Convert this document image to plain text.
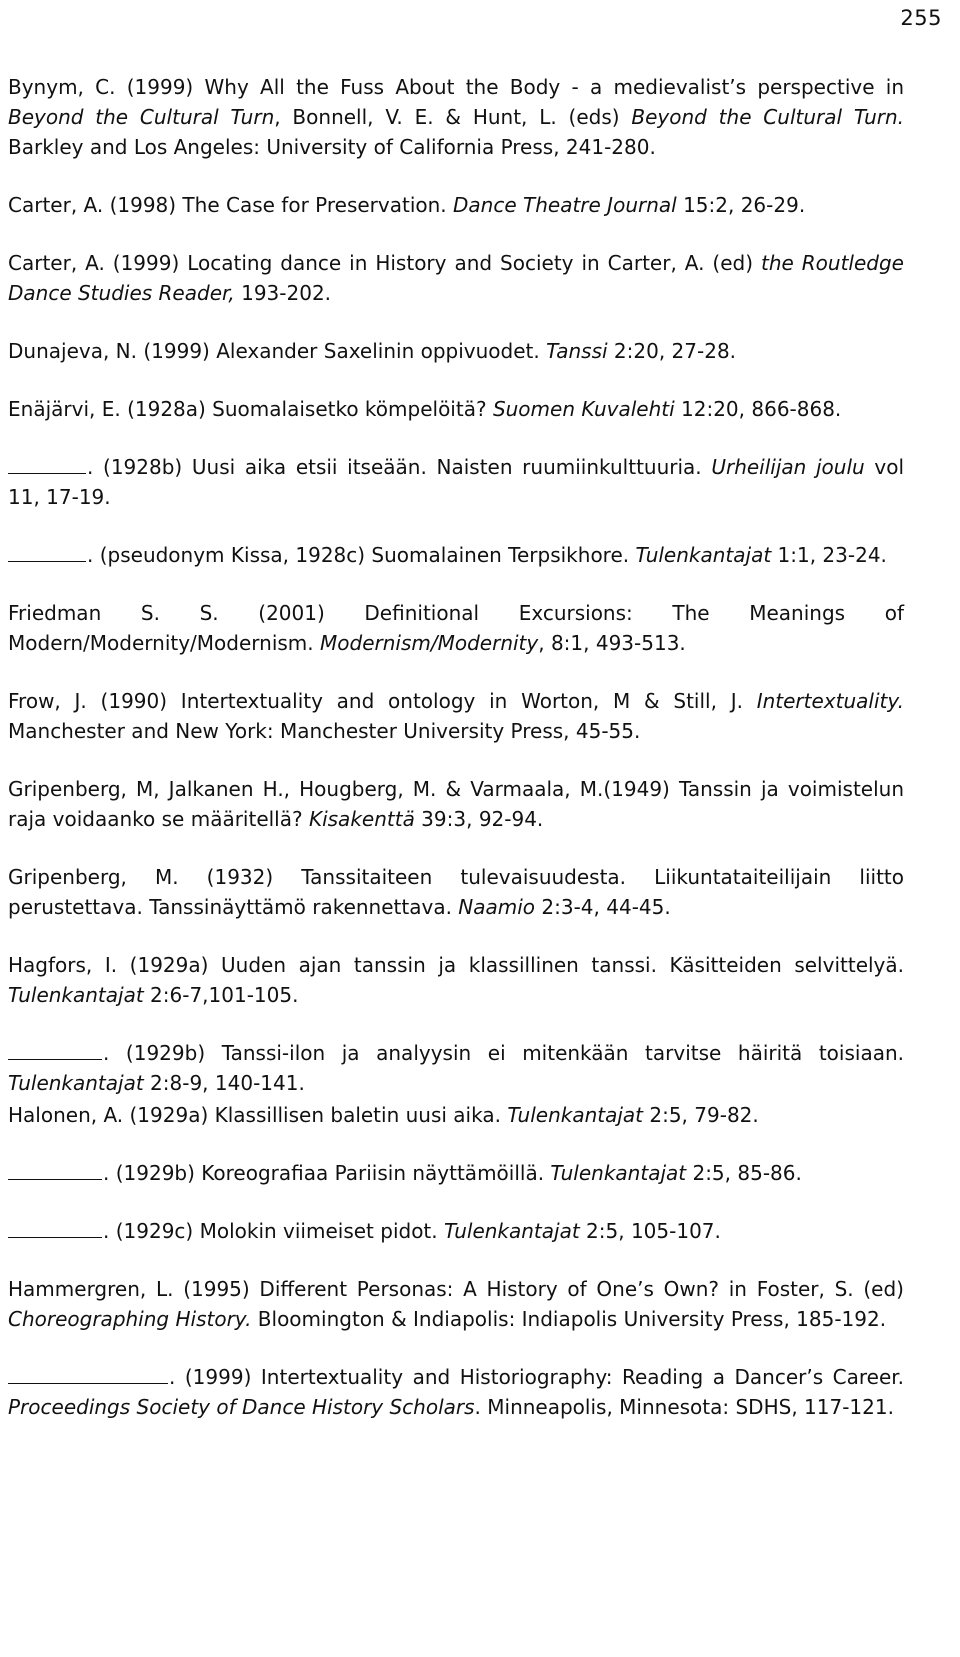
255

Bynym, C. (1999) Why All the Fuss About the Body - a medievalist’s perspective in Beyond the Cultural Turn, Bonnell, V. E. & Hunt, L. (eds) Beyond the Cultural Turn. Barkley and Los Angeles: University of California Press, 241-280.

Carter, A. (1998) The Case for Preservation. Dance Theatre Journal 15:2, 26-29.

Carter, A. (1999) Locating dance in History and Society in Carter, A. (ed) the Routledge Dance Studies Reader, 193-202.

Dunajeva, N. (1999) Alexander Saxelinin oppivuodet. Tanssi 2:20, 27-28.

Enäjärvi, E. (1928a) Suomalaisetko kömpelöitä? Suomen Kuvalehti 12:20, 866-868.

. (1928b) Uusi aika etsii itseään. Naisten ruumiinkulttuuria. Urheilijan joulu vol 11, 17-19.

. (pseudonym Kissa, 1928c) Suomalainen Terpsikhore. Tulenkantajat 1:1, 23-24.

Friedman S. S. (2001) Definitional Excursions: The Meanings of Modern/Modernity/Modernism. Modernism/Modernity, 8:1, 493-513.

Frow, J. (1990) Intertextuality and ontology in Worton, M & Still, J. Intertextuality. Manchester and New York: Manchester University Press, 45-55.

Gripenberg, M, Jalkanen H., Hougberg, M. & Varmaala, M.(1949) Tanssin ja voimistelun raja voidaanko se määritellä? Kisakenttä 39:3, 92-94.

Gripenberg, M. (1932) Tanssitaiteen tulevaisuudesta. Liikuntataiteilijain liitto perustettava. Tanssinäyttämö rakennettava. Naamio 2:3-4, 44-45.

Hagfors, I. (1929a) Uuden ajan tanssin ja klassillinen tanssi. Käsitteiden selvittelyä. Tulenkantajat 2:6-7,101-105.

. (1929b) Tanssi-ilon ja analyysin ei mitenkään tarvitse häiritä toisiaan. Tulenkantajat 2:8-9, 140-141.

Halonen, A. (1929a) Klassillisen baletin uusi aika. Tulenkantajat 2:5, 79-82.

. (1929b) Koreografiaa Pariisin näyttämöillä. Tulenkantajat 2:5, 85-86.

. (1929c) Molokin viimeiset pidot. Tulenkantajat 2:5, 105-107.

Hammergren, L. (1995) Different Personas: A History of One’s Own? in Foster, S. (ed) Choreographing History. Bloomington & Indiapolis: Indiapolis University Press, 185-192.

. (1999) Intertextuality and Historiography: Reading a Dancer’s Career. Proceedings Society of Dance History Scholars. Minneapolis, Minnesota: SDHS, 117-121.
